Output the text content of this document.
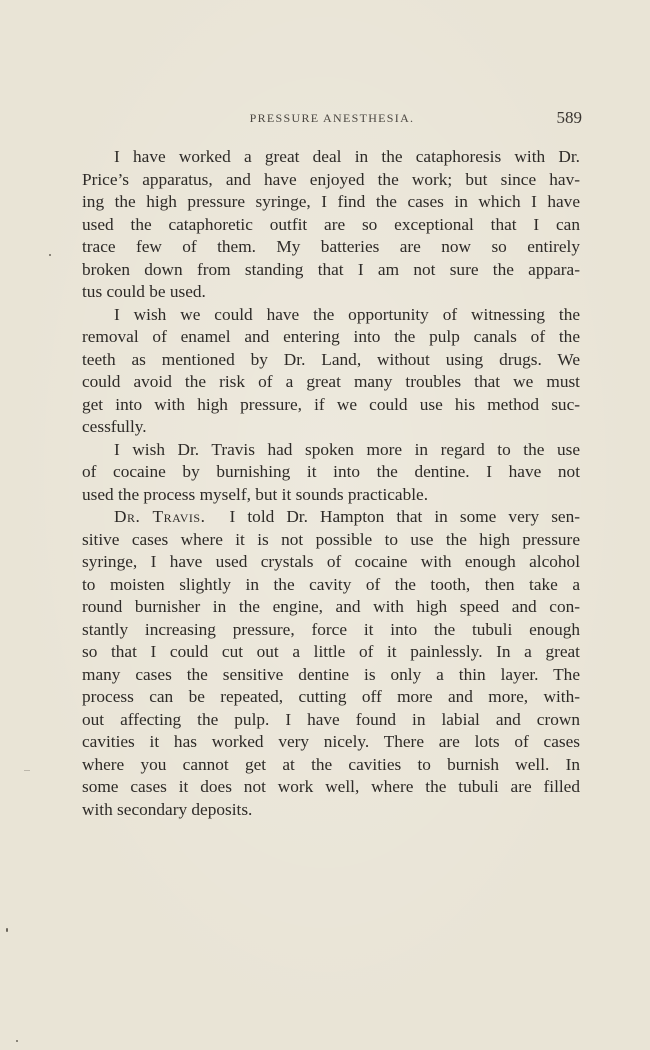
PRESSURE ANESTHESIA.	589

I have worked a great deal in the cataphoresis with Dr.
Price’s apparatus, and have enjoyed the work; but since hav-
ing the high pressure syringe, I find the cases in which I have
used the cataphoretic outfit are so exceptional that I can
trace few of them. My batteries are now so entirely
broken down from standing that I am not sure the appara-
tus could be used.

I wish we could have the opportunity of witnessing the
removal of enamel and entering into the pulp canals of the
teeth as mentioned by Dr. Land, without using drugs. We
could avoid the risk of a great many troubles that we must
get into with high pressure, if we could use his method suc-
cessfully.

I wish Dr. Travis had spoken more in regard to the use
of cocaine by burnishing it into the dentine. I have not
used the process myself, but it sounds practicable.

Dr. Travis. I told Dr. Hampton that in some very sen-
sitive cases where it is not possible to use the high pressure
syringe, I have used crystals of cocaine with enough alcohol
to moisten slightly in the cavity of the tooth, then take a
round burnisher in the engine, and with high speed and con-
stantly increasing pressure, force it into the tubuli enough
so that I could cut out a little of it painlessly. In a great
many cases the sensitive dentine is only a thin layer. The
process can be repeated, cutting off more and more, with-
out affecting the pulp. I have found in labial and crown
cavities it has worked very nicely. There are lots of cases
where you cannot get at the cavities to burnish well. In
some cases it does not work well, where the tubuli are filled
with secondary deposits.
